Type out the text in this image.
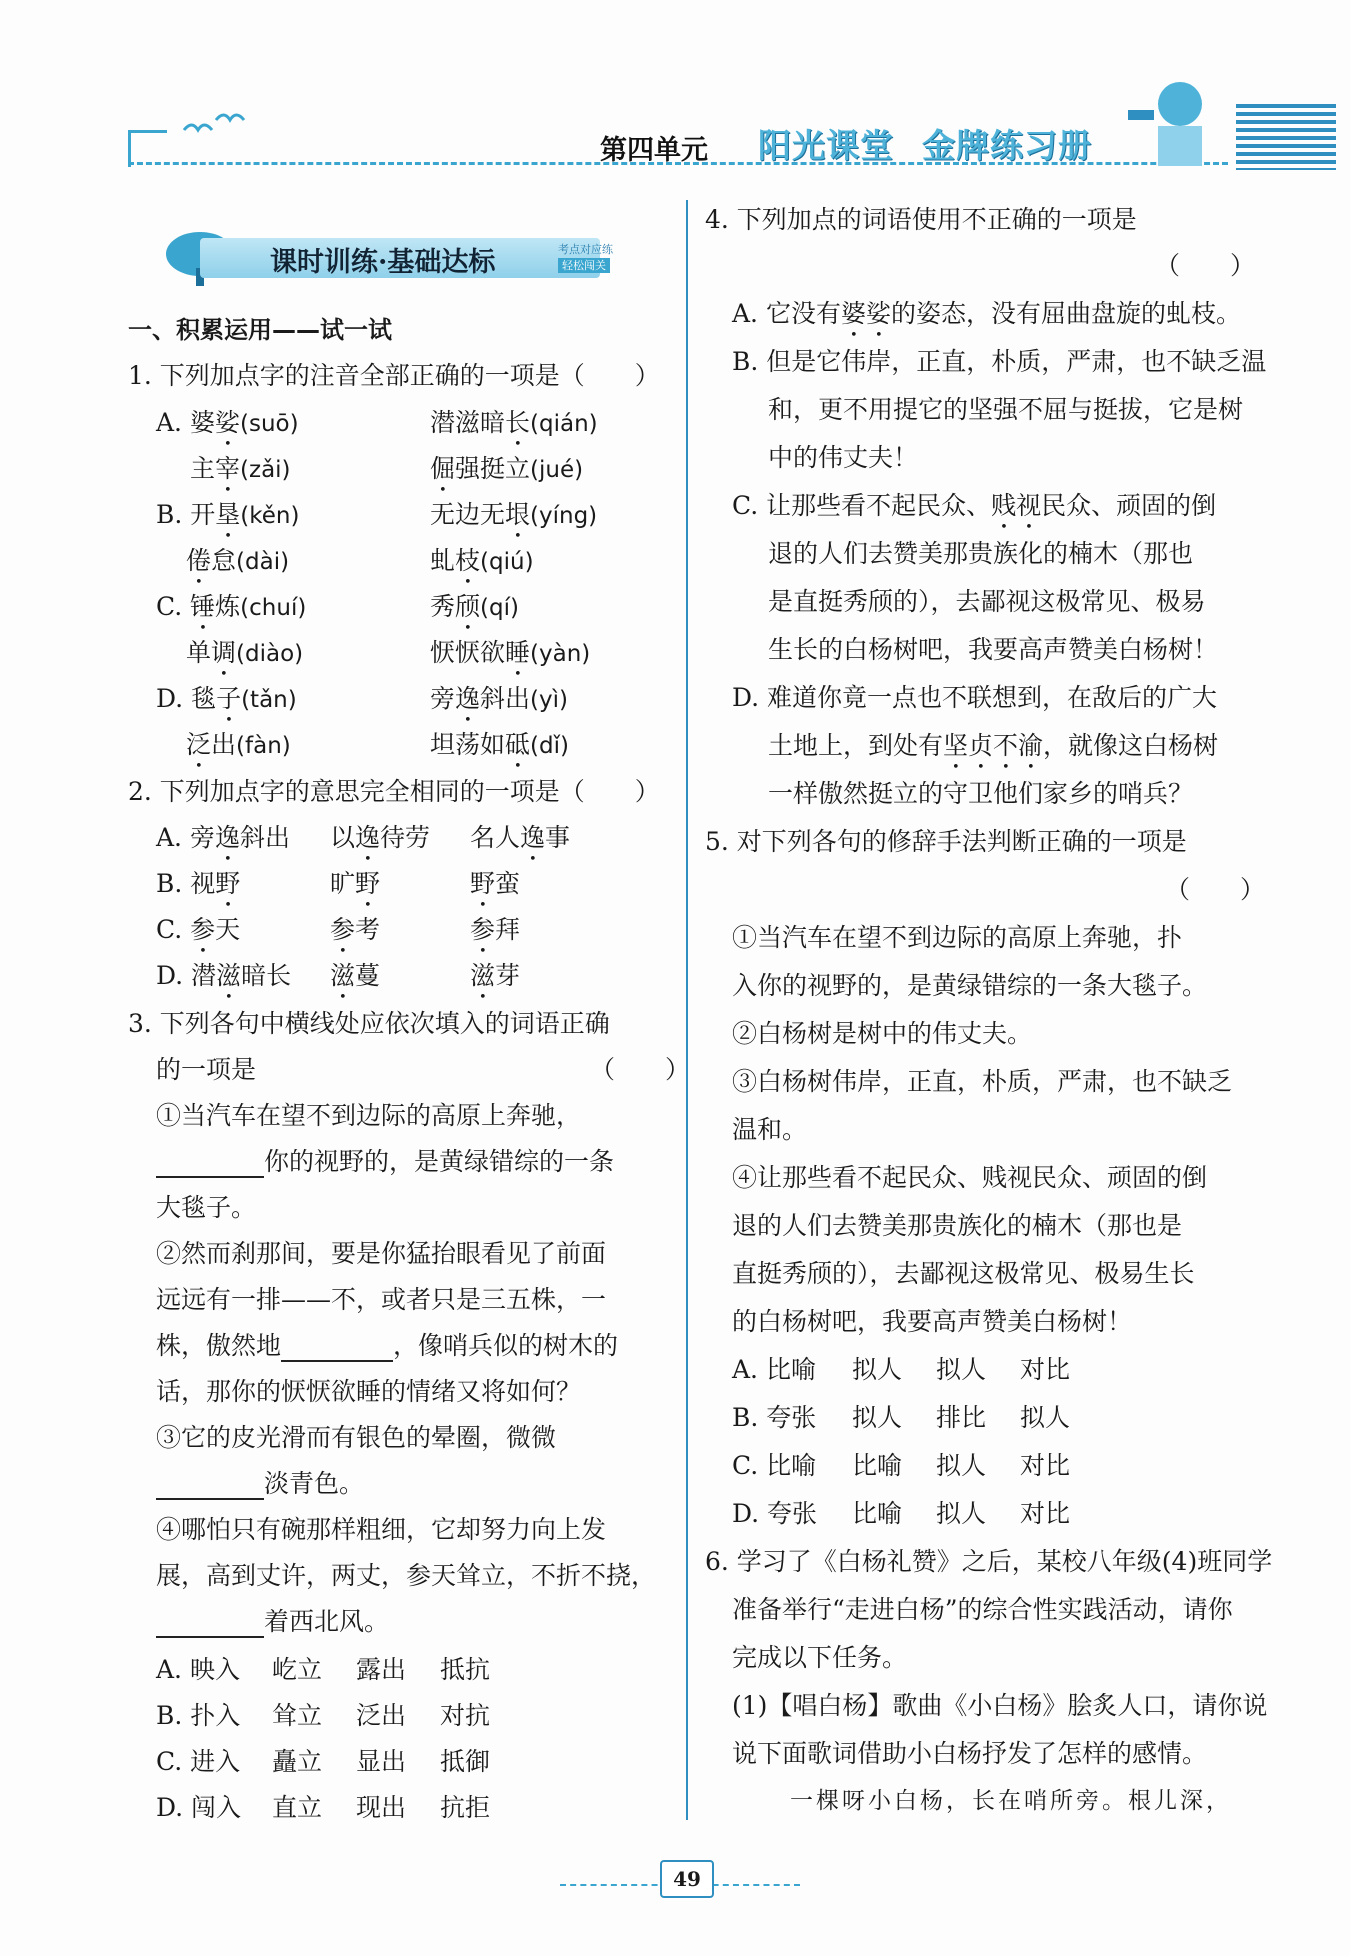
第四单元 阳光课堂 金牌练习册
课时训练·基础达标	考点对应练
轻松闯关
一、积累运用——试一试
1. 下列加点字的注音全部正确的一项是（　　）
A. 婆娑(suō)	潜滋暗长(qián)
主宰(zǎi)	倔强挺立(jué)
B. 开垦(kěn)	无边无垠(yíng)
倦怠(dài)	虬枝(qiú)
C. 锤炼(chuí)	秀颀(qí)
单调(diào)	恹恹欲睡(yàn)
D. 毯子(tǎn)	旁逸斜出(yì)
泛出(fàn)	坦荡如砥(dǐ)
2. 下列加点字的意思完全相同的一项是（　　）
A. 旁逸斜出 以逸待劳 名人逸事
B. 视野	旷野	野蛮
C. 参天	参考	参拜
D. 潜滋暗长 滋蔓	滋芽
3. 下列各句中横线处应依次填入的词语正确
的一项是	（　　）
①当汽车在望不到边际的高原上奔驰，
你的视野的，是黄绿错综的一条
大毯子。
②然而刹那间，要是你猛抬眼看见了前面
远远有一排——不，或者只是三五株，一
株，傲然地	，像哨兵似的树木的
话，那你的恹恹欲睡的情绪又将如何？
③它的皮光滑而有银色的晕圈，微微
淡青色。
④哪怕只有碗那样粗细，它却努力向上发
展，高到丈许，两丈，参天耸立，不折不挠，
着西北风。
A. 映入 屹立 露出 抵抗
B. 扑入 耸立 泛出 对抗
C. 进入 矗立 显出 抵御
D. 闯入 直立 现出 抗拒
4. 下列加点的词语使用不正确的一项是
（　　）
A. 它没有婆娑的姿态，没有屈曲盘旋的虬枝。
B. 但是它伟岸，正直，朴质，严肃，也不缺乏温
和，更不用提它的坚强不屈与挺拔，它是树
中的伟丈夫！
C. 让那些看不起民众、贱视民众、顽固的倒
退的人们去赞美那贵族化的楠木（那也
是直挺秀颀的），去鄙视这极常见、极易
生长的白杨树吧，我要高声赞美白杨树！
D. 难道你竟一点也不联想到，在敌后的广大
土地上，到处有坚贞不渝，就像这白杨树
一样傲然挺立的守卫他们家乡的哨兵？
5. 对下列各句的修辞手法判断正确的一项是
（　　）
①当汽车在望不到边际的高原上奔驰，扑
入你的视野的，是黄绿错综的一条大毯子。
②白杨树是树中的伟丈夫。
③白杨树伟岸，正直，朴质，严肃，也不缺乏
温和。
④让那些看不起民众、贱视民众、顽固的倒
退的人们去赞美那贵族化的楠木（那也是
直挺秀颀的），去鄙视这极常见、极易生长
的白杨树吧，我要高声赞美白杨树！
A. 比喻 拟人 拟人 对比
B. 夸张 拟人 排比 拟人
C. 比喻 比喻 拟人 对比
D. 夸张 比喻 拟人 对比
6. 学习了《白杨礼赞》之后，某校八年级(4)班同学
准备举行“走进白杨”的综合性实践活动，请你
完成以下任务。
(1)【唱白杨】歌曲《小白杨》脍炙人口，请你说
说下面歌词借助小白杨抒发了怎样的感情。
一棵呀小白杨，长在哨所旁。根儿深，
49
